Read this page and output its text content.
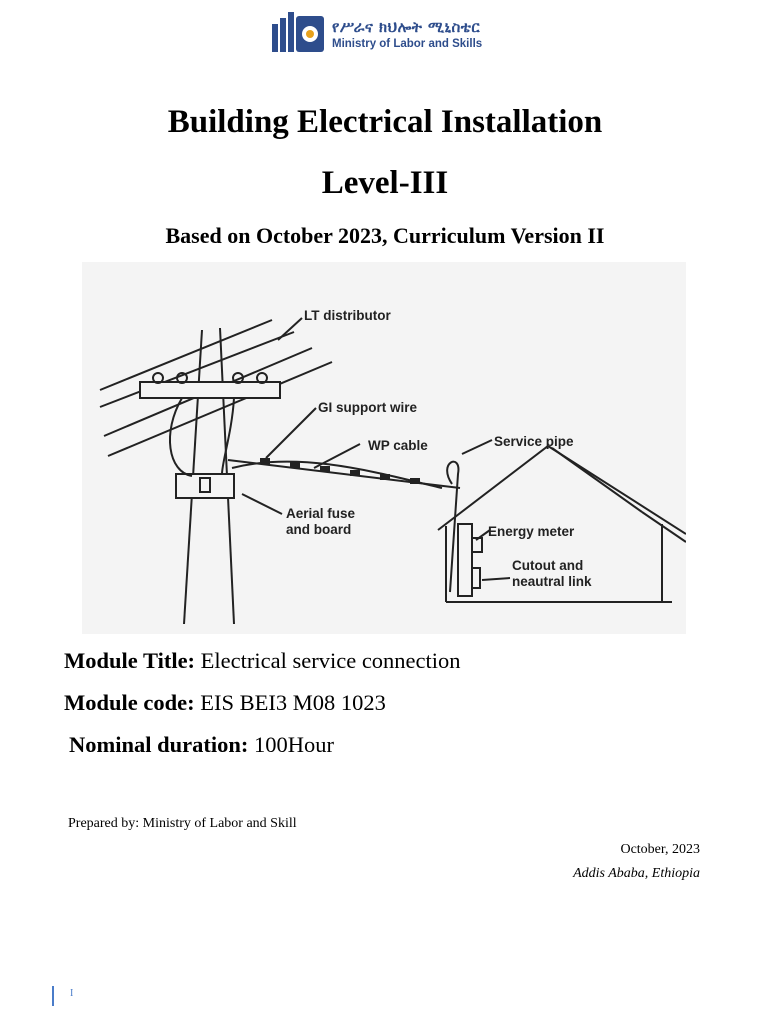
የሥራና ክህሎት ሚኒስቴር
Ministry of Labor and Skills
Building Electrical Installation
Level-III
Based on October 2023, Curriculum Version II
LT distributor
GI support wire
WP cable	Service pipe
Aerial fuse
and board	Energy meter
Cutout and
neautral link
Module Title: Electrical service connection
Module code: EIS BEI3 M08 1023
Nominal duration: 100Hour
Prepared by: Ministry of Labor and Skill
October, 2023
Addis Ababa, Ethiopia
I
